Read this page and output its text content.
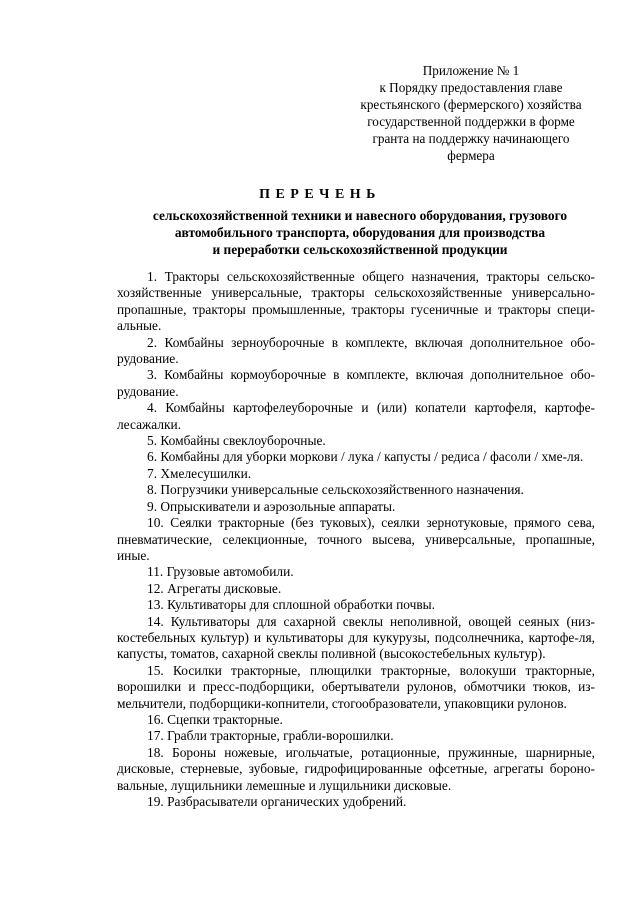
Приложение № 1
к Порядку предоставления главе
крестьянского (фермерского) хозяйства
государственной поддержки в форме
гранта на поддержку начинающего
фермера
ПЕРЕЧЕНЬ
сельскохозяйственной техники и навесного оборудования, грузового
автомобильного транспорта, оборудования для производства
и переработки сельскохозяйственной продукции

1. Тракторы сельскохозяйственные общего назначения, тракторы сельско-хозяйственные универсальные, тракторы сельскохозяйственные универсально-пропашные, тракторы промышленные, тракторы гусеничные и тракторы специ-альные.

2. Комбайны зерноуборочные в комплекте, включая дополнительное обо-рудование.

3. Комбайны кормоуборочные в комплекте, включая дополнительное обо-рудование.

4. Комбайны картофелеуборочные и (или) копатели картофеля, картофе-лесажалки.

5. Комбайны свеклоуборочные.

6. Комбайны для уборки моркови / лука / капусты / редиса / фасоли / хме-ля.

7. Хмелесушилки.

8. Погрузчики универсальные сельскохозяйственного назначения.

9. Опрыскиватели и аэрозольные аппараты.

10. Сеялки тракторные (без туковых), сеялки зернотуковые, прямого сева, пневматические, селекционные, точного высева, универсальные, пропашные, иные.

11. Грузовые автомобили.

12. Агрегаты дисковые.

13. Культиваторы для сплошной обработки почвы.

14. Культиваторы для сахарной свеклы неполивной, овощей сеяных (низ-костебельных культур) и культиваторы для кукурузы, подсолнечника, картофе-ля, капусты, томатов, сахарной свеклы поливной (высокостебельных культур).

15. Косилки тракторные, плющилки тракторные, волокуши тракторные, ворошилки и пресс-подборщики, обертыватели рулонов, обмотчики тюков, из-мельчители, подборщики-копнители, стогообразователи, упаковщики рулонов.

16. Сцепки тракторные.

17. Грабли тракторные, грабли-ворошилки.

18. Бороны ножевые, игольчатые, ротационные, пружинные, шарнирные, дисковые, стерневые, зубовые, гидрофицированные офсетные, агрегаты бороно-вальные, лущильники лемешные и лущильники дисковые.

19. Разбрасыватели органических удобрений.
